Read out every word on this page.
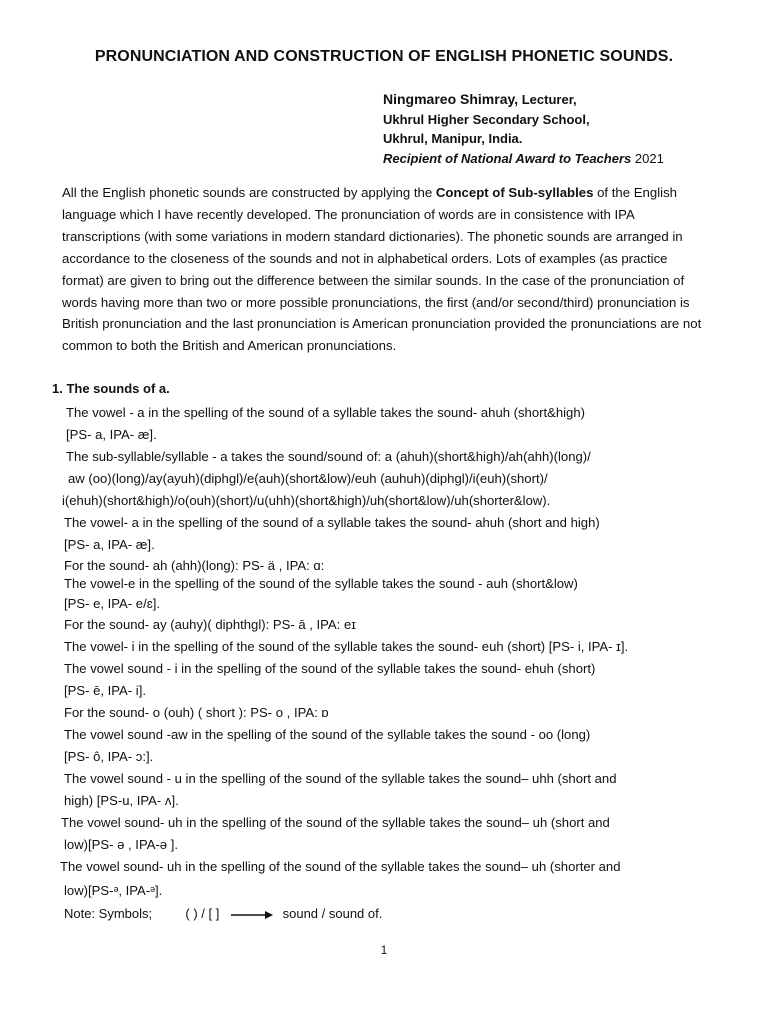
PRONUNCIATION AND CONSTRUCTION OF ENGLISH PHONETIC SOUNDS.
Ningmareo Shimray, Lecturer,
Ukhrul Higher Secondary School,
Ukhrul, Manipur, India.
Recipient of National Award to Teachers 2021

All the English phonetic sounds are constructed by applying the Concept of Sub-syllables of the English language which I have recently developed. The pronunciation of words are in consistence with IPA transcriptions (with some variations in modern standard dictionaries). The phonetic sounds are arranged in accordance to the closeness of the sounds and not in alphabetical orders. Lots of examples (as practice format) are given to bring out the difference between the similar sounds. In the case of the pronunciation of words having more than two or more possible pronunciations, the first (and/or second/third) pronunciation is British pronunciation and the last pronunciation is American pronunciation provided the pronunciations are not common to both the British and American pronunciations.

1. The sounds of a.
The vowel - a in the spelling of the sound of a syllable takes the sound- ahuh (short&high)
[PS- a, IPA- æ].
The sub-syllable/syllable - a takes the sound/sound of: a (ahuh)(short&high)/ah(ahh)(long)/
aw (oo)(long)/ay(ayuh)(diphgl)/e(auh)(short&low)/euh (auhuh)(diphgl)/i(euh)(short)/
i(ehuh)(short&high)/o(ouh)(short)/u(uhh)(short&high)/uh(short&low)/uh(shorter&low).
The vowel- a in the spelling of the sound of a syllable takes the sound- ahuh (short and high)
[PS- a, IPA- æ].
For the sound- ah (ahh)(long): PS- ä , IPA: ɑ:
The vowel-e in the spelling of the sound of the syllable takes the sound - auh (short&low)
[PS- e, IPA- e/ɛ].
For the sound- ay (auhy)( diphthgl): PS- ā , IPA: eɪ
The vowel- i in the spelling of the sound of the syllable takes the sound- euh (short) [PS- i, IPA- ɪ].
The vowel sound - i in the spelling of the sound of the syllable takes the sound- ehuh (short)
[PS- ē, IPA- i].
For the sound- o (ouh) ( short ): PS- o , IPA: ɒ
The vowel sound -aw in the spelling of the sound of the syllable takes the sound - oo (long)
[PS- ô, IPA- ɔ:].
The vowel sound - u in the spelling of the sound of the syllable takes the sound– uhh (short and
high) [PS-u, IPA- ʌ].
The vowel sound- uh in the spelling of the sound of the syllable takes the sound– uh (short and
low)[PS- ə , IPA-ə ].
The vowel sound- uh in the spelling of the sound of the syllable takes the sound– uh (shorter and
low)[PS-ᵊ, IPA-ᵊ].
Note: Symbols;	( ) / [ ]	sound / sound of.
1
